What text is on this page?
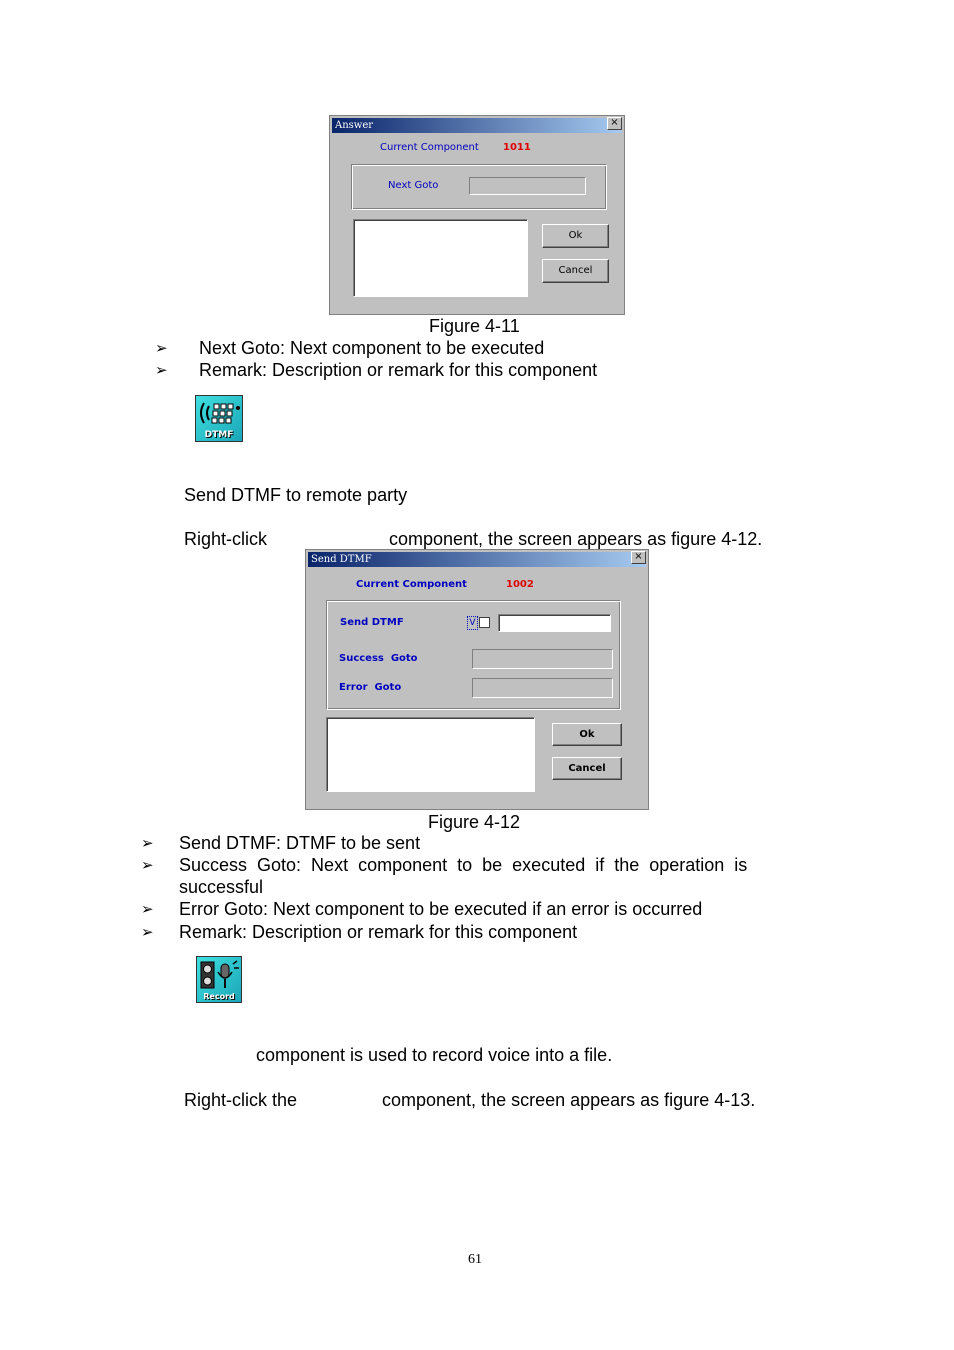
Answer	×
Current Component 1011
Next Goto
Ok
Cancel
Figure 4-11
➢ Next Goto: Next component to be executed
➢ Remark: Description or remark for this component
DTMF
Send DTMF to remote party
Right-click	component, the screen appears as figure 4-12.
Send DTMF	×
Current Component	1002
Send DTMF	V
Success  Goto
Error  Goto
Ok
Cancel
Figure 4-12
➢ Send DTMF: DTMF to be sent
➢ Success  Goto:  Next  component  to  be  executed  if  the  operation  is
successful
➢ Error Goto: Next component to be executed if an error is occurred
➢ Remark: Description or remark for this component
Record
component is used to record voice into a file.
Right-click the	component, the screen appears as figure 4-13.
61
